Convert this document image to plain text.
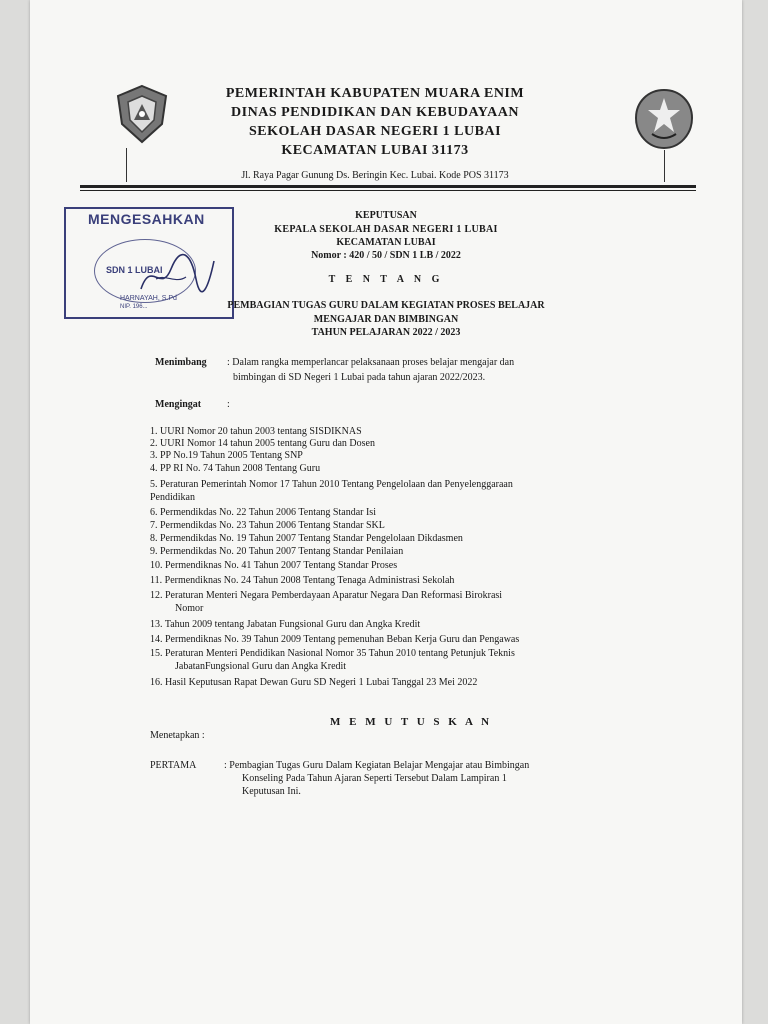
PEMERINTAH KABUPATEN MUARA ENIM
DINAS PENDIDIKAN DAN KEBUDAYAAN
SEKOLAH DASAR NEGERI 1 LUBAI
KECAMATAN LUBAI 31173
Jl. Raya Pagar Gunung Ds. Beringin Kec. Lubai. Kode POS 31173
MENGESAHKAN
SDN 1 LUBAI
HARNAYAH, S.Pd
NIP. 196...
KEPUTUSAN
KEPALA SEKOLAH DASAR NEGERI 1 LUBAI
KECAMATAN LUBAI
Nomor : 420 / 50 / SDN 1 LB / 2022
T E N T A N G
PEMBAGIAN TUGAS GURU DALAM KEGIATAN PROSES BELAJAR
MENGAJAR DAN BIMBINGAN
TAHUN PELAJARAN 2022 / 2023
Menimbang : Dalam rangka memperlancar pelaksanaan proses belajar mengajar dan
bimbingan di SD Negeri 1 Lubai pada tahun ajaran 2022/2023.
Mengingat	:
1. UURI Nomor 20 tahun 2003 tentang SISDIKNAS
2. UURI Nomor 14 tahun 2005 tentang Guru dan Dosen
3. PP No.19 Tahun 2005 Tentang SNP
4. PP RI No. 74 Tahun 2008 Tentang Guru
5. Peraturan Pemerintah Nomor 17 Tahun 2010 Tentang Pengelolaan dan Penyelenggaraan
Pendidikan
6. Permendikdas No. 22 Tahun 2006 Tentang Standar Isi
7. Permendikdas No. 23 Tahun 2006 Tentang Standar SKL
8. Permendikdas No. 19 Tahun 2007 Tentang Standar Pengelolaan Dikdasmen
9. Permendikdas No. 20 Tahun 2007 Tentang Standar Penilaian
10. Permendiknas No. 41 Tahun 2007 Tentang Standar Proses
11. Permendiknas No. 24 Tahun 2008 Tentang Tenaga Administrasi Sekolah
12. Peraturan Menteri Negara Pemberdayaan Aparatur Negara Dan Reformasi Birokrasi
Nomor
13. Tahun 2009 tentang Jabatan Fungsional Guru dan Angka Kredit
14. Permendiknas No. 39 Tahun 2009 Tentang pemenuhan Beban Kerja Guru dan Pengawas
15. Peraturan Menteri Pendidikan Nasional Nomor 35 Tahun 2010 tentang Petunjuk Teknis
JabatanFungsional Guru dan Angka Kredit
16. Hasil Keputusan Rapat Dewan Guru SD Negeri 1 Lubai Tanggal 23 Mei 2022
M E M U T U S K A N
Menetapkan :
PERTAMA	: Pembagian Tugas Guru Dalam Kegiatan Belajar Mengajar atau Bimbingan
Konseling Pada Tahun Ajaran Seperti Tersebut Dalam Lampiran 1
Keputusan Ini.
